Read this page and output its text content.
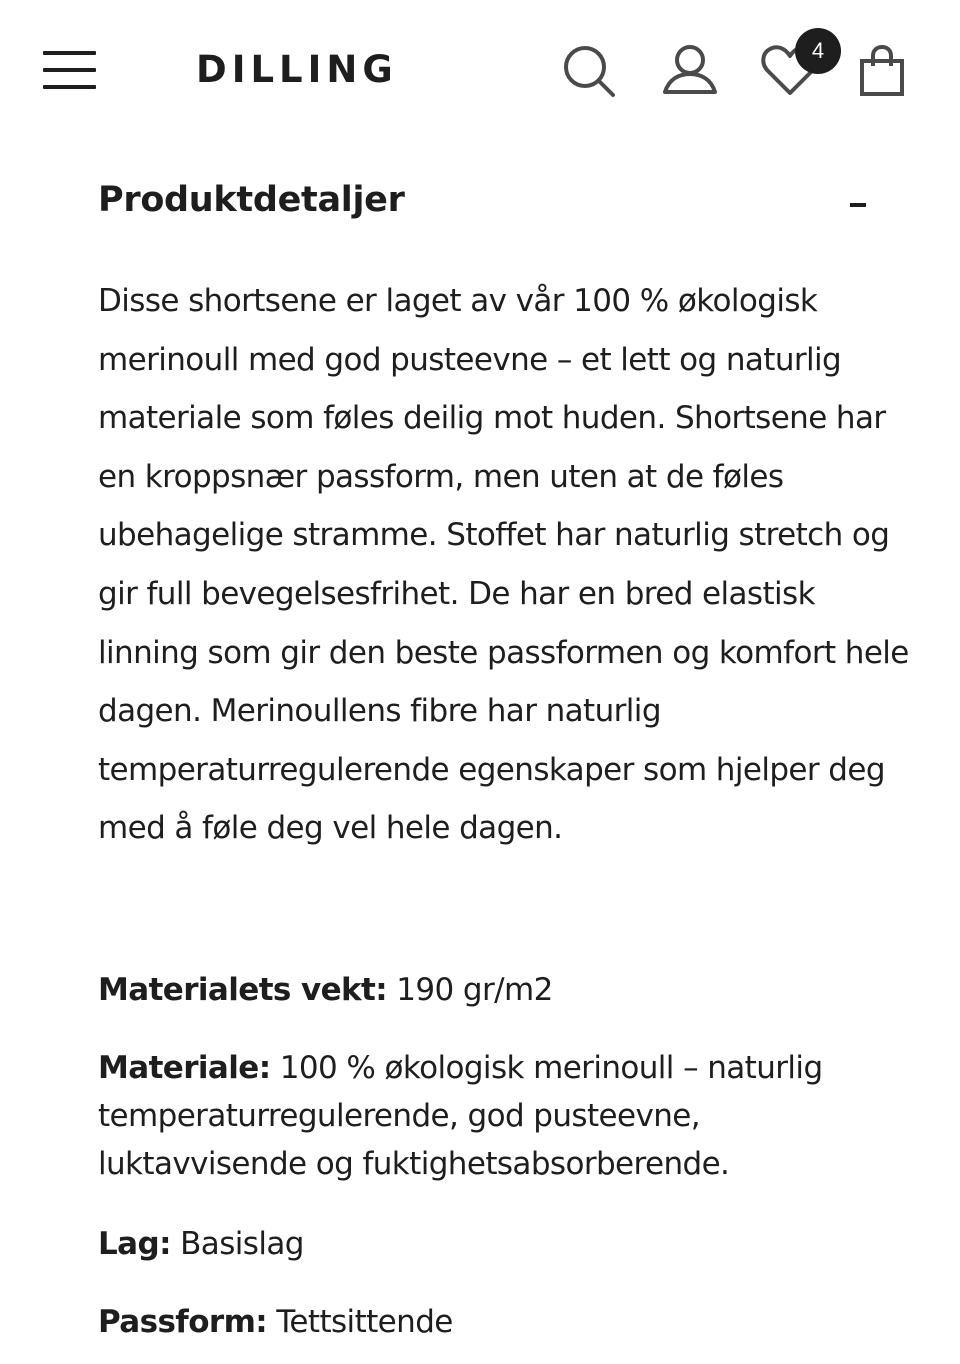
DILLING	4
Produktdetaljer

Disse shortsene er laget av vår 100 % økologisk merinoull med god pusteevne – et lett og naturlig materiale som føles deilig mot huden. Shortsene har en kroppsnær passform, men uten at de føles ubehagelige stramme. Stoffet har naturlig stretch og gir full bevegelsesfrihet. De har en bred elastisk linning som gir den beste passformen og komfort hele dagen. Merinoullens fibre har naturlig temperaturregulerende egenskaper som hjelper deg med å føle deg vel hele dagen.

Materialets vekt: 190 gr/m2

Materiale: 100 % økologisk merinoull – naturlig temperaturregulerende, god pusteevne, luktavvisende og fuktighetsabsorberende.

Lag: Basislag

Passform: Tettsittende
